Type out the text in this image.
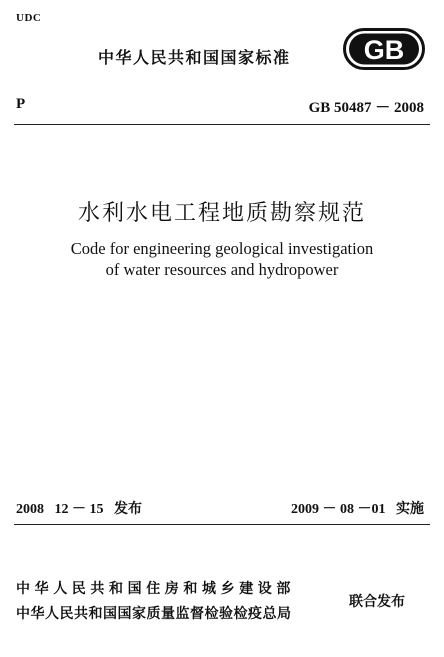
UDC
中华人民共和国国家标准	GB
P	GB 50487 － 2008
水利水电工程地质勘察规范
Code for engineering geological investigation
of water resources and hydropower
2008   12 － 15 发布	2009 － 08 －01 实施
中华人民共和国住房和城乡建设部
中华人民共和国国家质量监督检验检疫总局
联合发布
